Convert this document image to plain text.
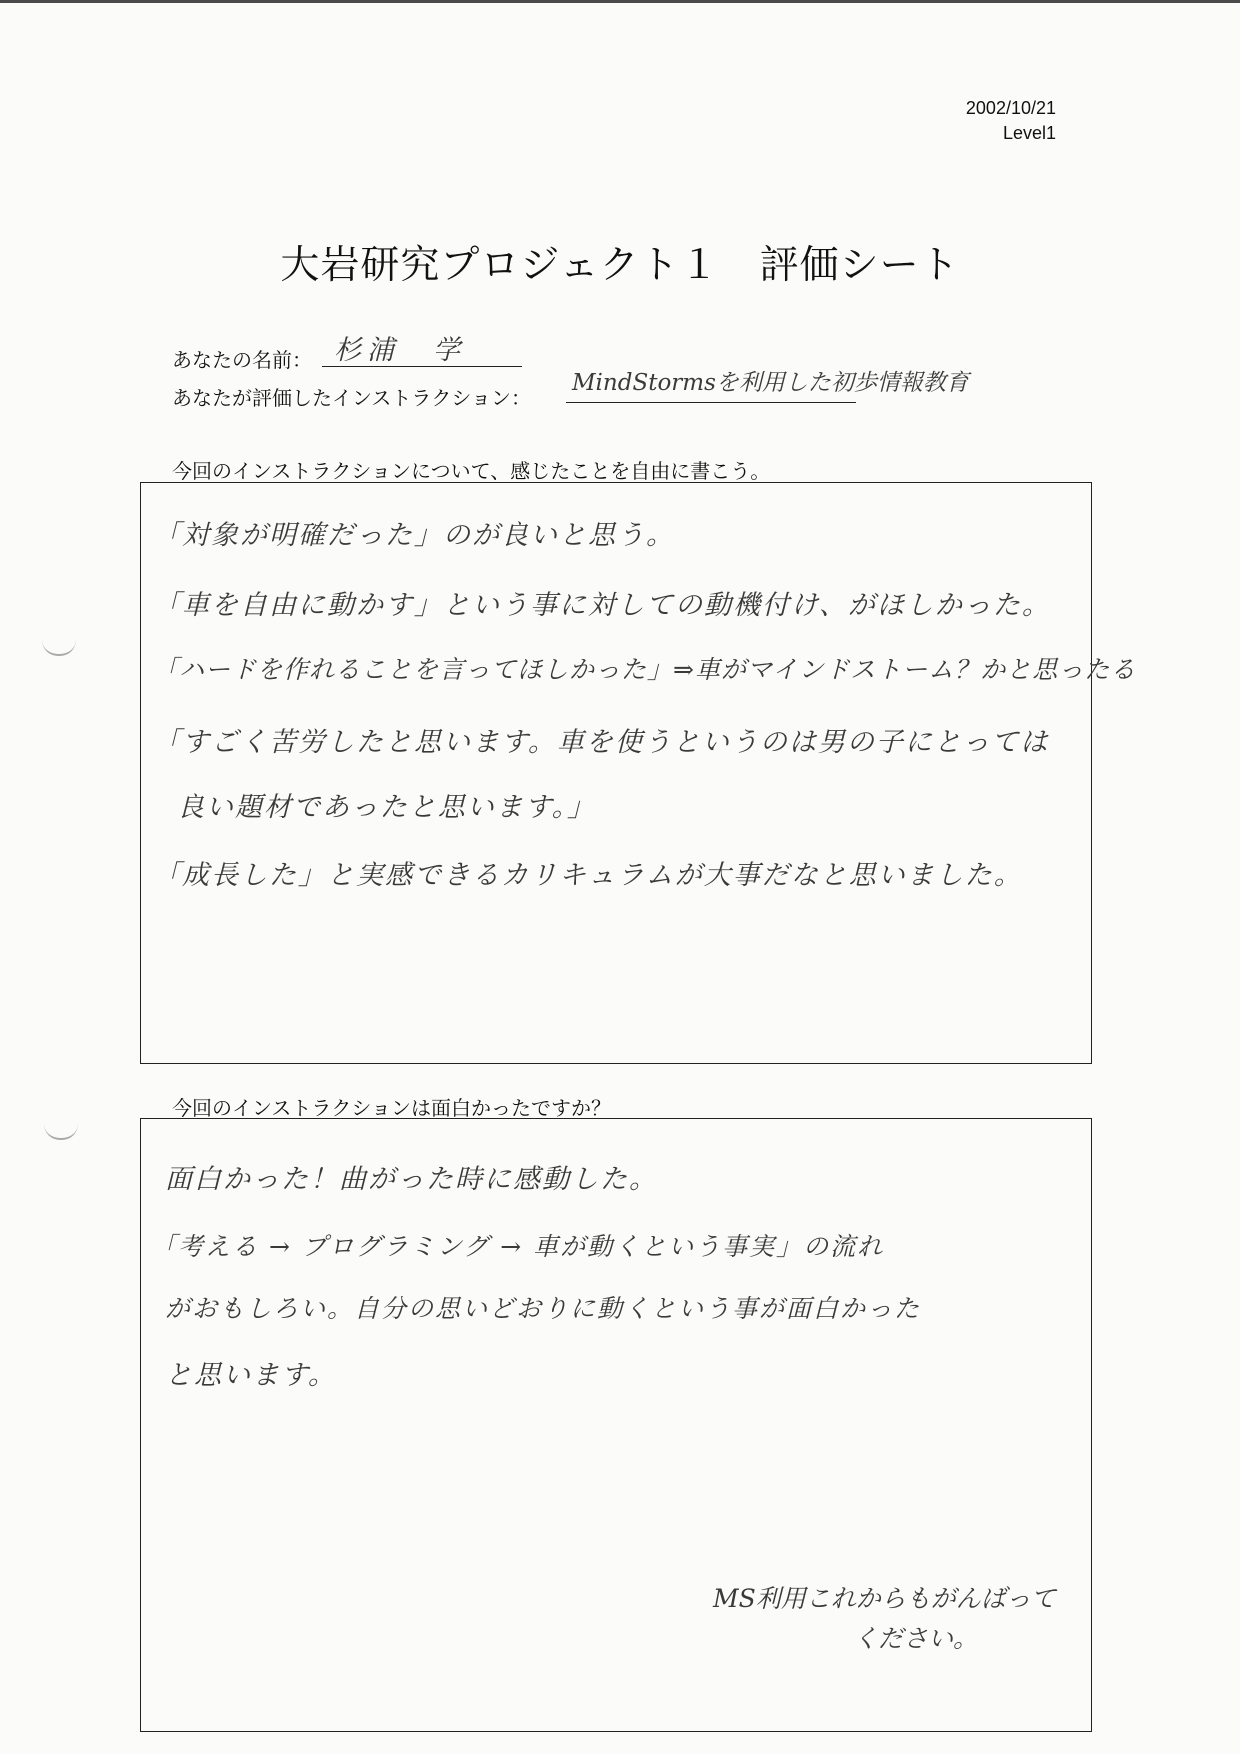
2002/10/21
Level1
大岩研究プロジェクト１　評価シート
あなたの名前： 杉浦　学
あなたが評価したインストラクション：
MindStormsを利用した初歩情報教育
今回のインストラクションについて、感じたことを自由に書こう。
「対象が明確だった」のが良いと思う。
「車を自由に動かす」という事に対しての動機付け、がほしかった。
「ハードを作れることを言ってほしかった」⇒車がマインドストーム？かと思ったる
「すごく苦労したと思います。車を使うというのは男の子にとっては
良い題材であったと思います。」
「成長した」と実感できるカリキュラムが大事だなと思いました。
今回のインストラクションは面白かったですか？
面白かった！曲がった時に感動した。
「考える → プログラミング → 車が動くという事実」の流れ
がおもしろい。自分の思いどおりに動くという事が面白かった
と思います。
MS利用これからもがんばって
ください。
